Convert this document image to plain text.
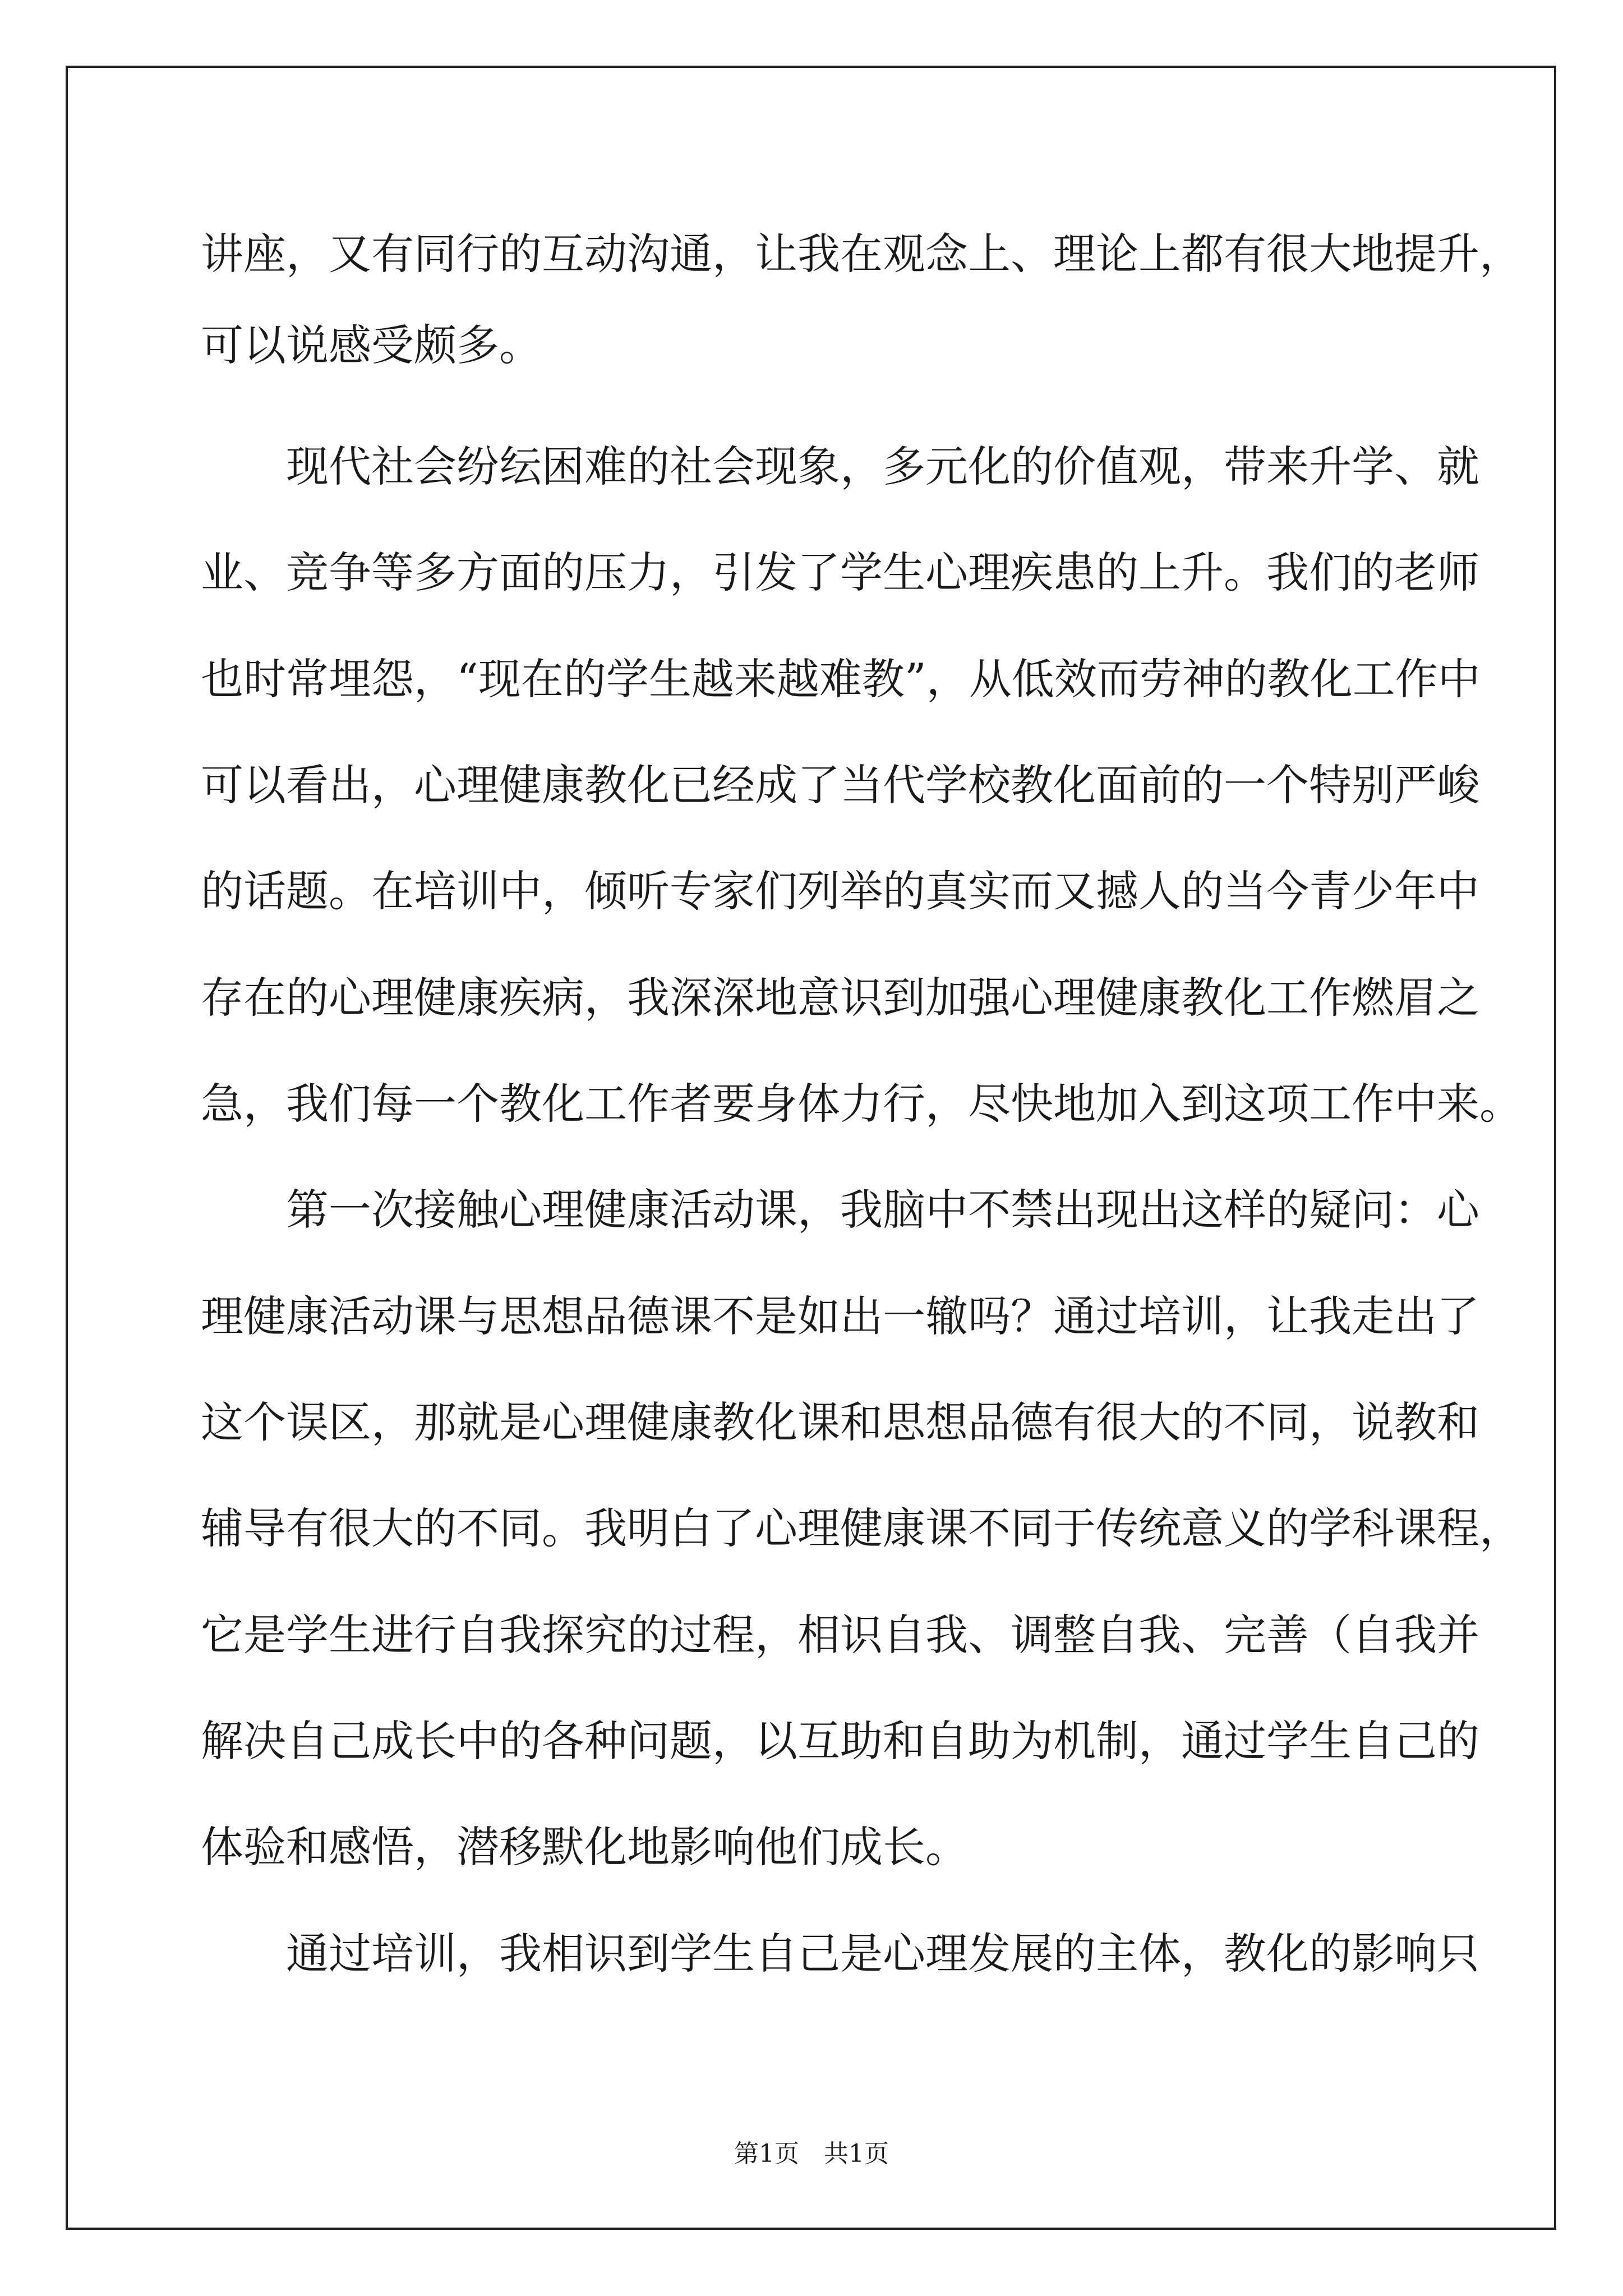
讲座，又有同行的互动沟通，让我在观念上、理论上都有很大地提升，
可以说感受颇多。
　　现代社会纷纭困难的社会现象，多元化的价值观，带来升学、就
业、竞争等多方面的压力，引发了学生心理疾患的上升。我们的老师
也时常埋怨，“现在的学生越来越难教”，从低效而劳神的教化工作中
可以看出，心理健康教化已经成了当代学校教化面前的一个特别严峻
的话题。在培训中，倾听专家们列举的真实而又撼人的当今青少年中
存在的心理健康疾病，我深深地意识到加强心理健康教化工作燃眉之
急，我们每一个教化工作者要身体力行，尽快地加入到这项工作中来。
　　第一次接触心理健康活动课，我脑中不禁出现出这样的疑问：心
理健康活动课与思想品德课不是如出一辙吗？通过培训，让我走出了
这个误区，那就是心理健康教化课和思想品德有很大的不同，说教和
辅导有很大的不同。我明白了心理健康课不同于传统意义的学科课程，
它是学生进行自我探究的过程，相识自我、调整自我、完善（自我并
解决自己成长中的各种问题，以互助和自助为机制，通过学生自己的
体验和感悟，潜移默化地影响他们成长。
　　通过培训，我相识到学生自己是心理发展的主体，教化的影响只
第1页　共1页
